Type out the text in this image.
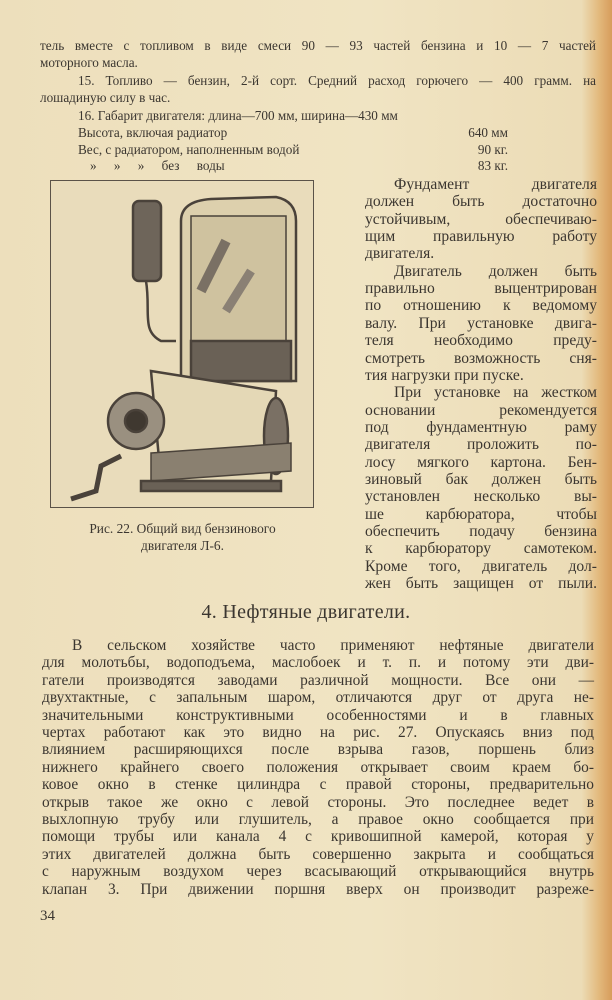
тель вместе с топливом в виде смеси 90 — 93 частей бензина и 10 — 7 частей
моторного масла.
15. Топливо — бензин, 2-й сорт. Средний расход горючего — 400 грамм. на
лошадиную силу в час.
16. Габарит двигателя: длина—700 мм, ширина—430 мм
Высота, включая радиатор	640 мм
Вес, с радиатором, наполненным водой	90 кг.
» » » без воды	83 кг.
Рис. 22. Общий вид бензинового
двигателя Л-6.
Фундамент двигателя
должен быть достаточно
устойчивым, обеспечиваю-
щим правильную работу
двигателя.
Двигатель должен быть
правильно выцентрирован
по отношению к ведомому
валу. При установке двига-
теля необходимо преду-
смотреть возможность сня-
тия нагрузки при пуске.
При установке на жестком
основании рекомендуется
под фундаментную раму
двигателя проложить по-
лосу мягкого картона. Бен-
зиновый бак должен быть
установлен несколько вы-
ше карбюратора, чтобы
обеспечить подачу бензина
к карбюратору самотеком.
Кроме того, двигатель дол-
жен быть защищен от пыли.
4. Нефтяные двигатели.
В сельском хозяйстве часто применяют нефтяные двигатели
для молотьбы, водоподъема, маслобоек и т. п. и потому эти дви-
гатели производятся заводами различной мощности. Все они —
двухтактные, с запальным шаром, отличаются друг от друга не-
значительными конструктивными особенностями и в главных
чертах работают как это видно на рис. 27. Опускаясь вниз под
влиянием расширяющихся после взрыва газов, поршень близ
нижнего крайнего своего положения открывает своим краем бо-
ковое окно в стенке цилиндра с правой стороны, предварительно
открыв такое же окно с левой стороны. Это последнее ведет в
выхлопную трубу или глушитель, а правое окно сообщается при
помощи трубы или канала 4 с кривошипной камерой, которая у
этих двигателей должна быть совершенно закрыта и сообщаться
с наружным воздухом через всасывающий открывающийся внутрь
клапан 3. При движении поршня вверх он производит разреже-
34
